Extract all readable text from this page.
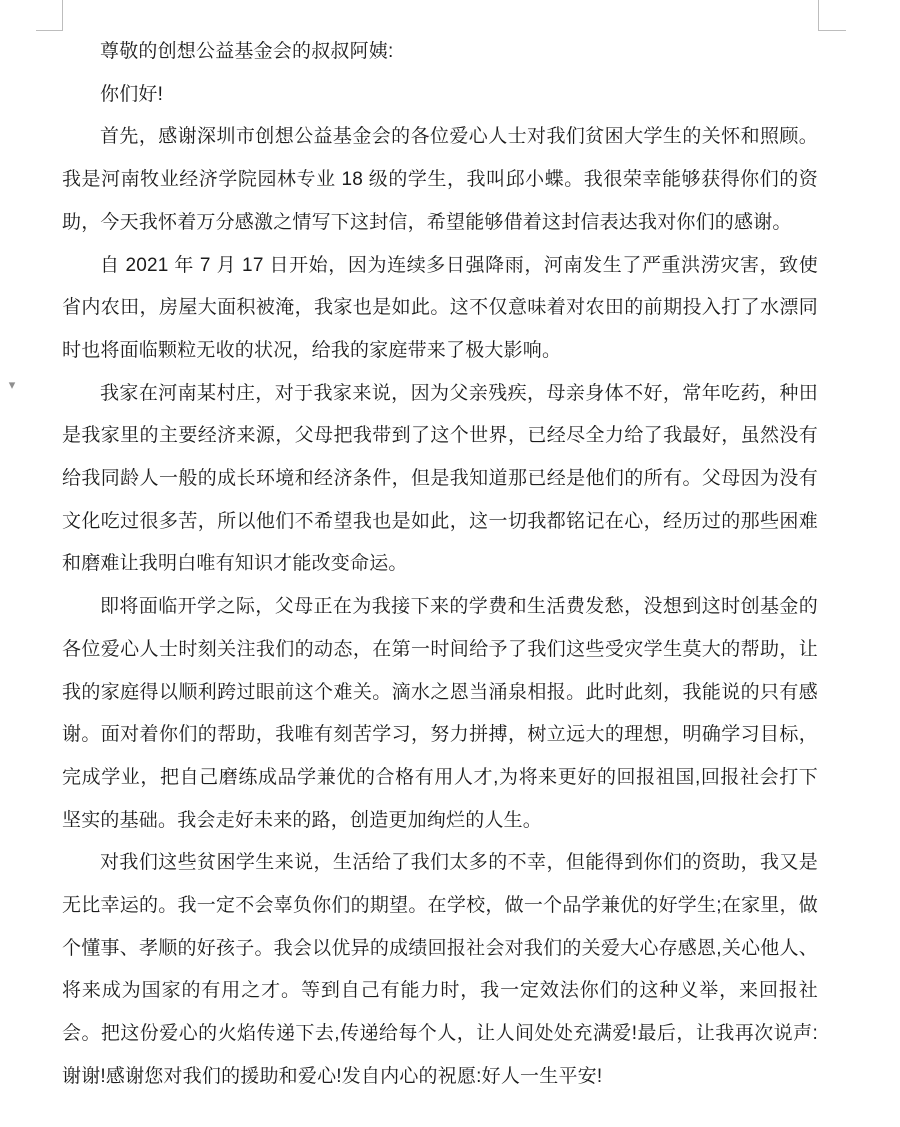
▾

尊敬的创想公益基金会的叔叔阿姨:

你们好!

首先，感谢深圳市创想公益基金会的各位爱心人士对我们贫困大学生的关怀和照顾。我是河南牧业经济学院园林专业 18 级的学生，我叫邱小蝶。我很荣幸能够获得你们的资助，今天我怀着万分感激之情写下这封信，希望能够借着这封信表达我对你们的感谢。

自 2021 年 7 月 17 日开始，因为连续多日强降雨，河南发生了严重洪涝灾害，致使省内农田，房屋大面积被淹，我家也是如此。这不仅意味着对农田的前期投入打了水漂同时也将面临颗粒无收的状况，给我的家庭带来了极大影响。

我家在河南某村庄，对于我家来说，因为父亲残疾，母亲身体不好，常年吃药，种田是我家里的主要经济来源，父母把我带到了这个世界，已经尽全力给了我最好，虽然没有给我同龄人一般的成长环境和经济条件，但是我知道那已经是他们的所有。父母因为没有文化吃过很多苦，所以他们不希望我也是如此，这一切我都铭记在心，经历过的那些困难和磨难让我明白唯有知识才能改变命运。

即将面临开学之际，父母正在为我接下来的学费和生活费发愁，没想到这时创基金的各位爱心人士时刻关注我们的动态，在第一时间给予了我们这些受灾学生莫大的帮助，让我的家庭得以顺利跨过眼前这个难关。滴水之恩当涌泉相报。此时此刻，我能说的只有感谢。面对着你们的帮助，我唯有刻苦学习，努力拼搏，树立远大的理想，明确学习目标，完成学业，把自己磨练成品学兼优的合格有用人才,为将来更好的回报祖国,回报社会打下坚实的基础。我会走好未来的路，创造更加绚烂的人生。

对我们这些贫困学生来说，生活给了我们太多的不幸，但能得到你们的资助，我又是无比幸运的。我一定不会辜负你们的期望。在学校，做一个品学兼优的好学生;在家里，做个懂事、孝顺的好孩子。我会以优异的成绩回报社会对我们的关爱大心存感恩,关心他人、将来成为国家的有用之才。等到自己有能力时，我一定效法你们的这种义举，来回报社会。把这份爱心的火焰传递下去,传递给每个人，让人间处处充满爱!最后，让我再次说声:谢谢!感谢您对我们的援助和爱心!发自内心的祝愿:好人一生平安!
